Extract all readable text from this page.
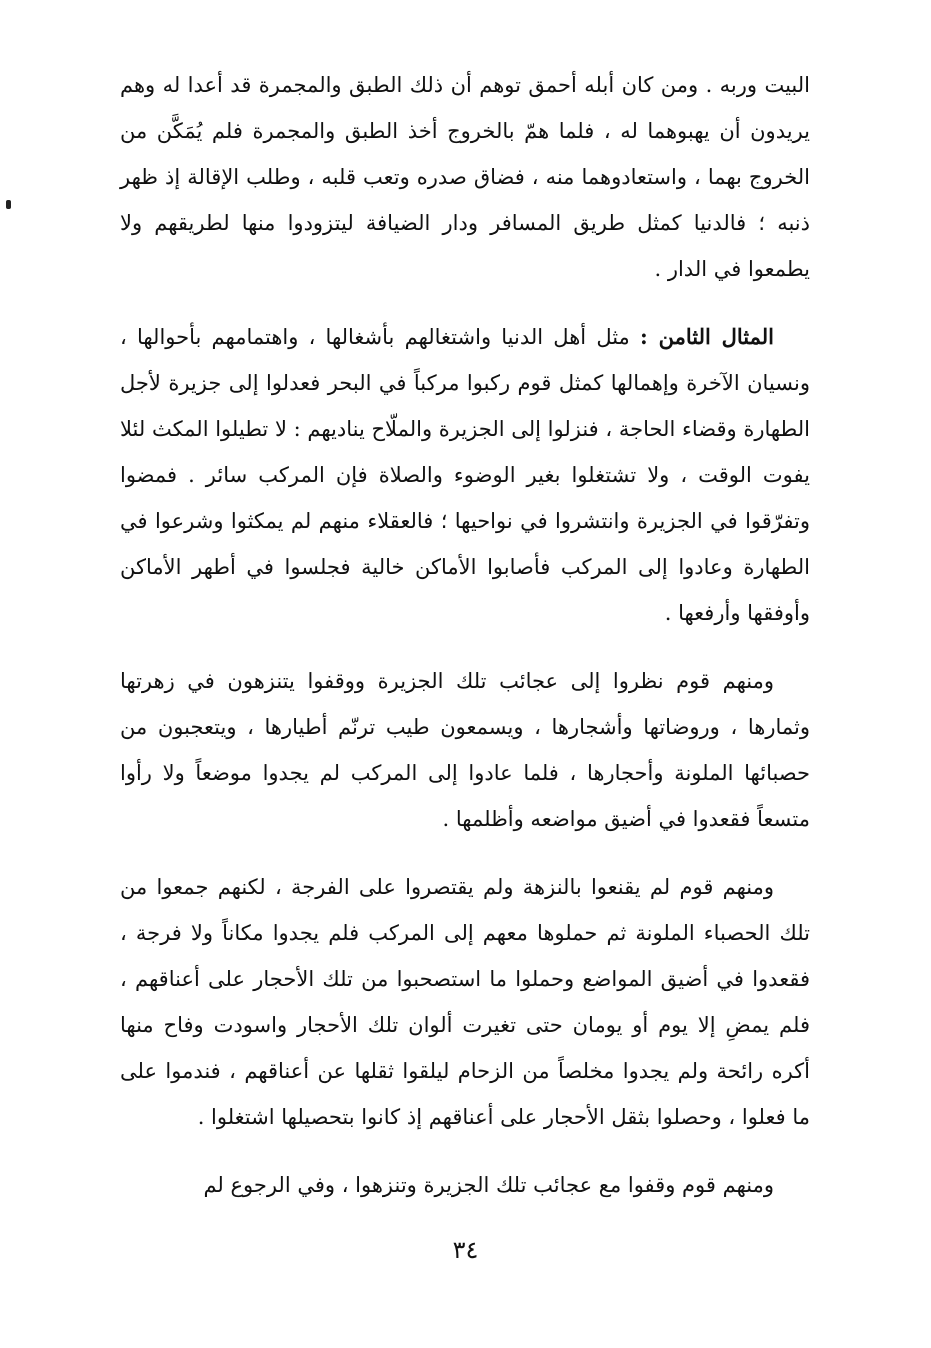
البيت وربه . ومن كان أبله أحمق توهم أن ذلك الطبق والمجمرة قد أعدا له وهم يريدون أن يهبوهما له ، فلما همّ بالخروج أخذ الطبق والمجمرة فلم يُمَكَّن من الخروج بهما ، واستعادوهما منه ، فضاق صدره وتعب قلبه ، وطلب الإقالة إذ ظهر ذنبه ؛ فالدنيا كمثل طريق المسافر ودار الضيافة ليتزودوا منها لطريقهم ولا يطمعوا في الدار .

المثال الثامن : مثل أهل الدنيا واشتغالهم بأشغالها ، واهتمامهم بأحوالها ، ونسيان الآخرة وإهمالها كمثل قوم ركبوا مركباً في البحر فعدلوا إلى جزيرة لأجل الطهارة وقضاء الحاجة ، فنزلوا إلى الجزيرة والملّاح يناديهم : لا تطيلوا المكث لئلا يفوت الوقت ، ولا تشتغلوا بغير الوضوء والصلاة فإن المركب سائر . فمضوا وتفرّقوا في الجزيرة وانتشروا في نواحيها ؛ فالعقلاء منهم لم يمكثوا وشرعوا في الطهارة وعادوا إلى المركب فأصابوا الأماكن خالية فجلسوا في أطهر الأماكن وأوفقها وأرفعها .

ومنهم قوم نظروا إلى عجائب تلك الجزيرة ووقفوا يتنزهون في زهرتها وثمارها ، وروضاتها وأشجارها ، ويسمعون طيب ترنّم أطيارها ، ويتعجبون من حصبائها الملونة وأحجارها ، فلما عادوا إلى المركب لم يجدوا موضعاً ولا رأوا متسعاً فقعدوا في أضيق مواضعه وأظلمها .

ومنهم قوم لم يقنعوا بالنزهة ولم يقتصروا على الفرجة ، لكنهم جمعوا من تلك الحصباء الملونة ثم حملوها معهم إلى المركب فلم يجدوا مكاناً ولا فرجة ، فقعدوا في أضيق المواضع وحملوا ما استصحبوا من تلك الأحجار على أعناقهم ، فلم يمضِ إلا يوم أو يومان حتى تغيرت ألوان تلك الأحجار واسودت وفاح منها أكره رائحة ولم يجدوا مخلصاً من الزحام ليلقوا ثقلها عن أعناقهم ، فندموا على ما فعلوا ، وحصلوا بثقل الأحجار على أعناقهم إذ كانوا بتحصيلها اشتغلوا .

ومنهم قوم وقفوا مع عجائب تلك الجزيرة وتنزهوا ، وفي الرجوع لم

٣٤
